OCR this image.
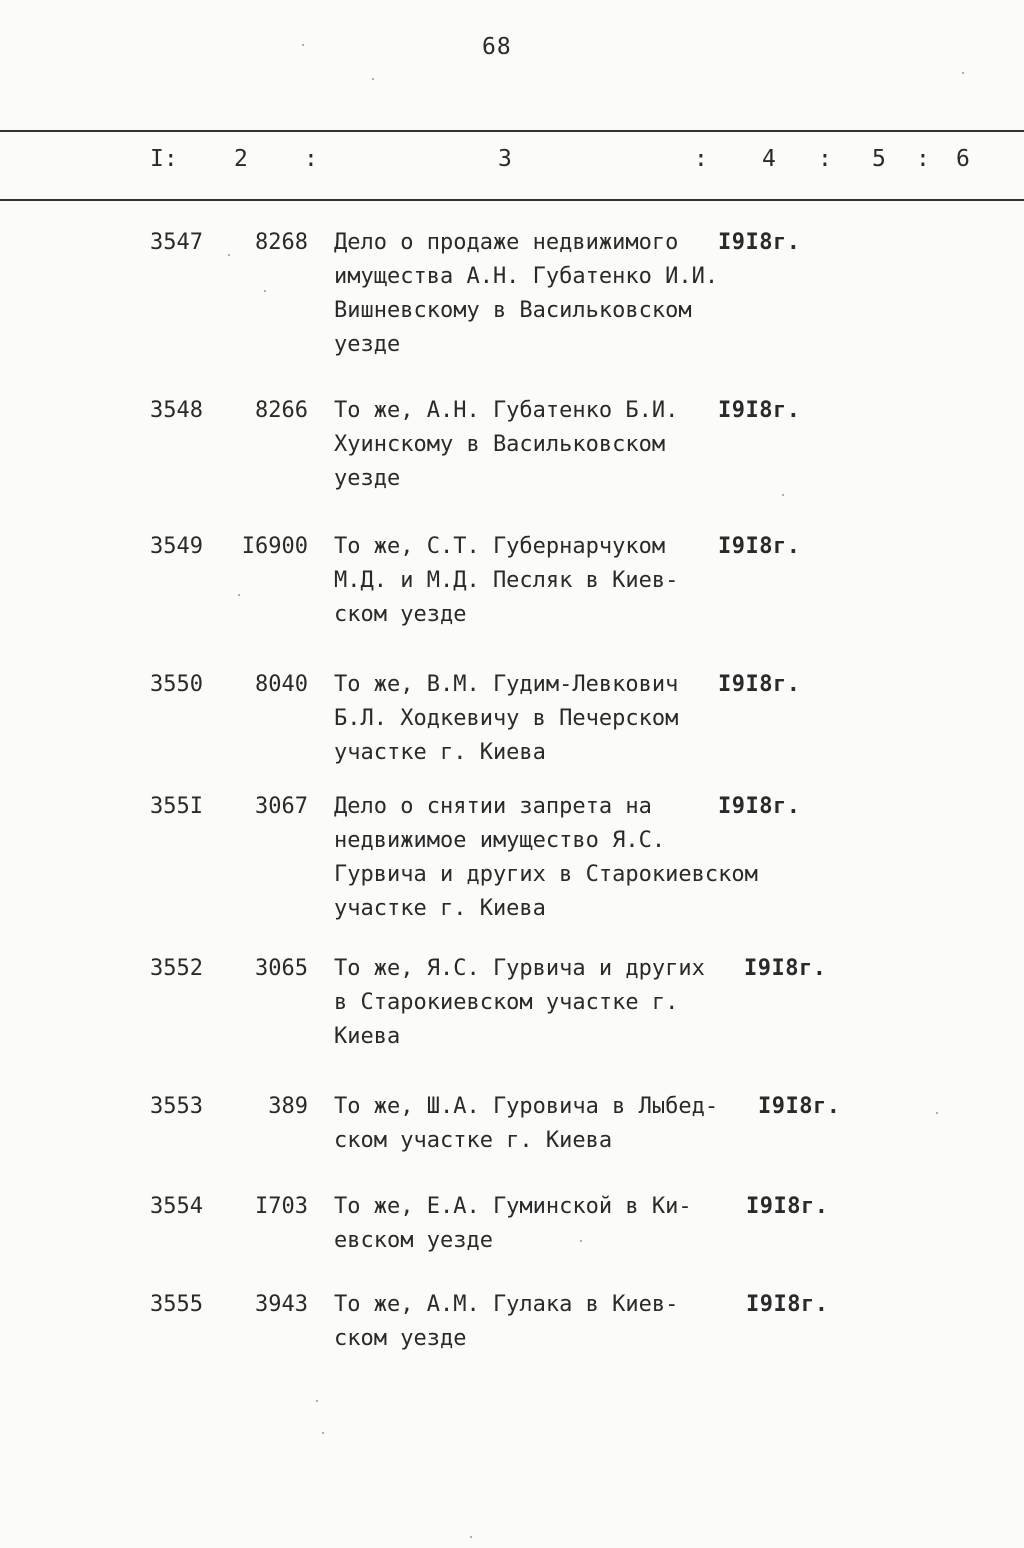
68
I: 2 :	3	: 4 : 5 : 6
3547	8268 Дело о продаже недвижимого
имущества А.Н. Губатенко И.И.
Вишневскому в Васильковском
уезде
I9I8г.
3548	8266 То же, А.Н. Губатенко Б.И.
Хуинскому в Васильковском
уезде
I9I8г.
3549	I6900 То же, С.Т. Губернарчуком
М.Д. и М.Д. Песляк в Киев-
ском уезде
I9I8г.
3550	8040 То же, В.М. Гудим-Левкович
Б.Л. Ходкевичу в Печерском
участке г. Киева
I9I8г.
355I	3067 Дело о снятии запрета на
недвижимое имущество Я.С.
Гурвича и других в Старокиевском
участке г. Киева
I9I8г.
3552	3065 То же, Я.С. Гурвича и других
в Старокиевском участке г.
Киева
I9I8г.
3553	389 То же, Ш.А. Гуровича в Лыбед-
ском участке г. Киева
I9I8г.
3554	I703 То же, Е.А. Гуминской в Ки-
евском уезде
I9I8г.
3555	3943 То же, А.М. Гулака в Киев-
ском уезде
I9I8г.
